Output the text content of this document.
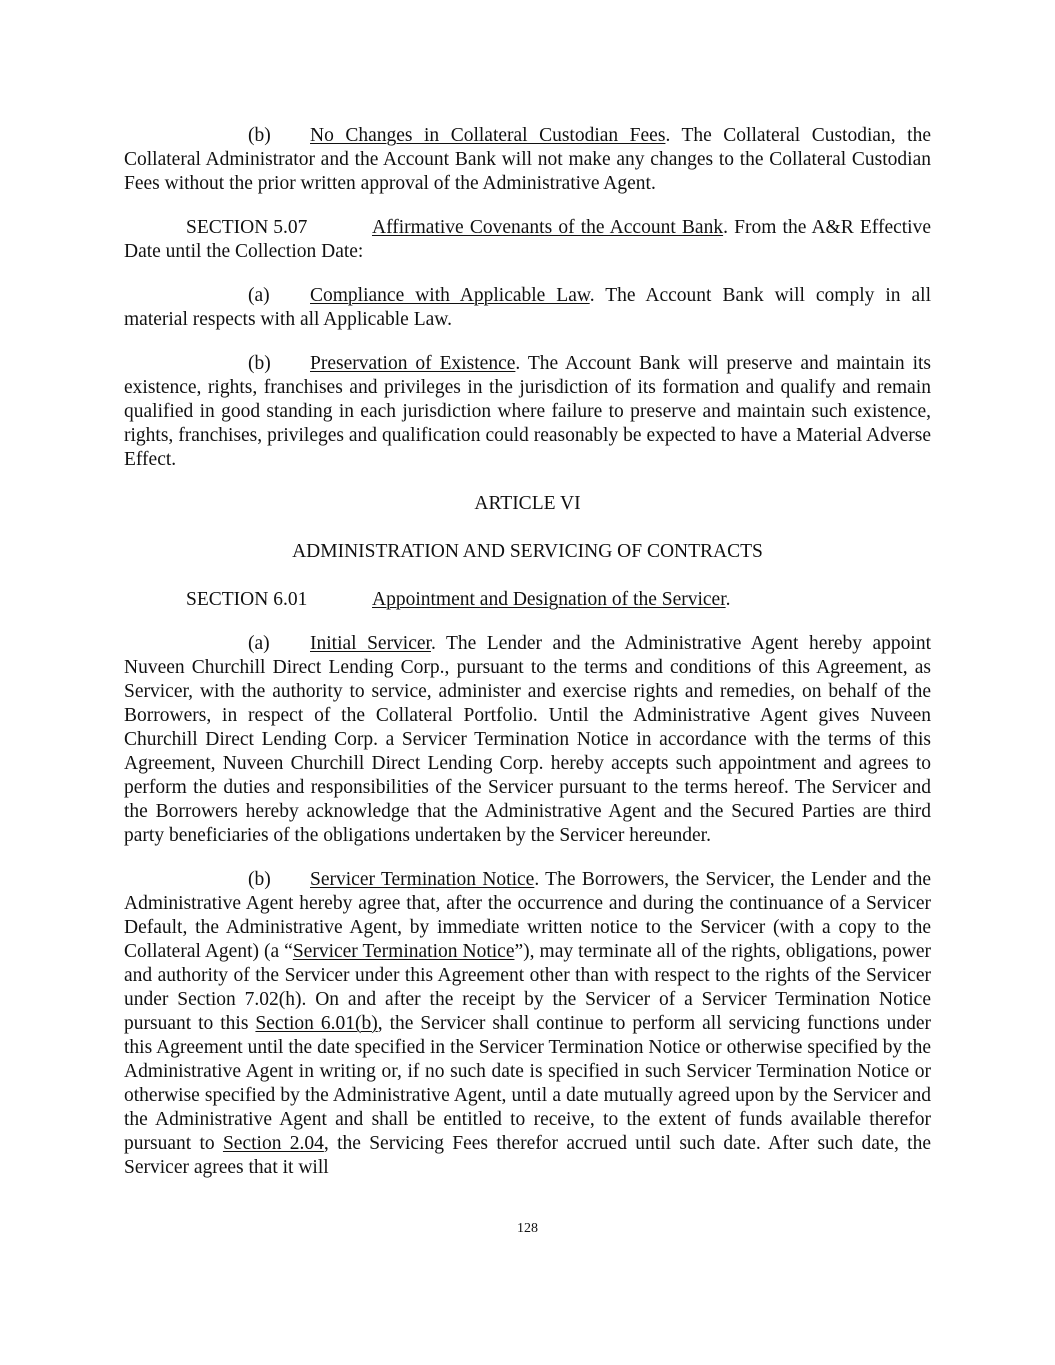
(b) No Changes in Collateral Custodian Fees. The Collateral Custodian, the Collateral Administrator and the Account Bank will not make any changes to the Collateral Custodian Fees without the prior written approval of the Administrative Agent.

SECTION 5.07	Affirmative Covenants of the Account Bank. From the A&R Effective Date until the Collection Date:

(a) Compliance with Applicable Law. The Account Bank will comply in all material respects with all Applicable Law.

(b) Preservation of Existence. The Account Bank will preserve and maintain its existence, rights, franchises and privileges in the jurisdiction of its formation and qualify and remain qualified in good standing in each jurisdiction where failure to preserve and maintain such existence, rights, franchises, privileges and qualification could reasonably be expected to have a Material Adverse Effect.

ARTICLE VI

ADMINISTRATION AND SERVICING OF CONTRACTS

SECTION 6.01	Appointment and Designation of the Servicer.

(a) Initial Servicer. The Lender and the Administrative Agent hereby appoint Nuveen Churchill Direct Lending Corp., pursuant to the terms and conditions of this Agreement, as Servicer, with the authority to service, administer and exercise rights and remedies, on behalf of the Borrowers, in respect of the Collateral Portfolio. Until the Administrative Agent gives Nuveen Churchill Direct Lending Corp. a Servicer Termination Notice in accordance with the terms of this Agreement, Nuveen Churchill Direct Lending Corp. hereby accepts such appointment and agrees to perform the duties and responsibilities of the Servicer pursuant to the terms hereof. The Servicer and the Borrowers hereby acknowledge that the Administrative Agent and the Secured Parties are third party beneficiaries of the obligations undertaken by the Servicer hereunder.

(b) Servicer Termination Notice. The Borrowers, the Servicer, the Lender and the Administrative Agent hereby agree that, after the occurrence and during the continuance of a Servicer Default, the Administrative Agent, by immediate written notice to the Servicer (with a copy to the Collateral Agent) (a “Servicer Termination Notice”), may terminate all of the rights, obligations, power and authority of the Servicer under this Agreement other than with respect to the rights of the Servicer under Section 7.02(h). On and after the receipt by the Servicer of a Servicer Termination Notice pursuant to this Section 6.01(b), the Servicer shall continue to perform all servicing functions under this Agreement until the date specified in the Servicer Termination Notice or otherwise specified by the Administrative Agent in writing or, if no such date is specified in such Servicer Termination Notice or otherwise specified by the Administrative Agent, until a date mutually agreed upon by the Servicer and the Administrative Agent and shall be entitled to receive, to the extent of funds available therefor pursuant to Section 2.04, the Servicing Fees therefor accrued until such date. After such date, the Servicer agrees that it will

128
